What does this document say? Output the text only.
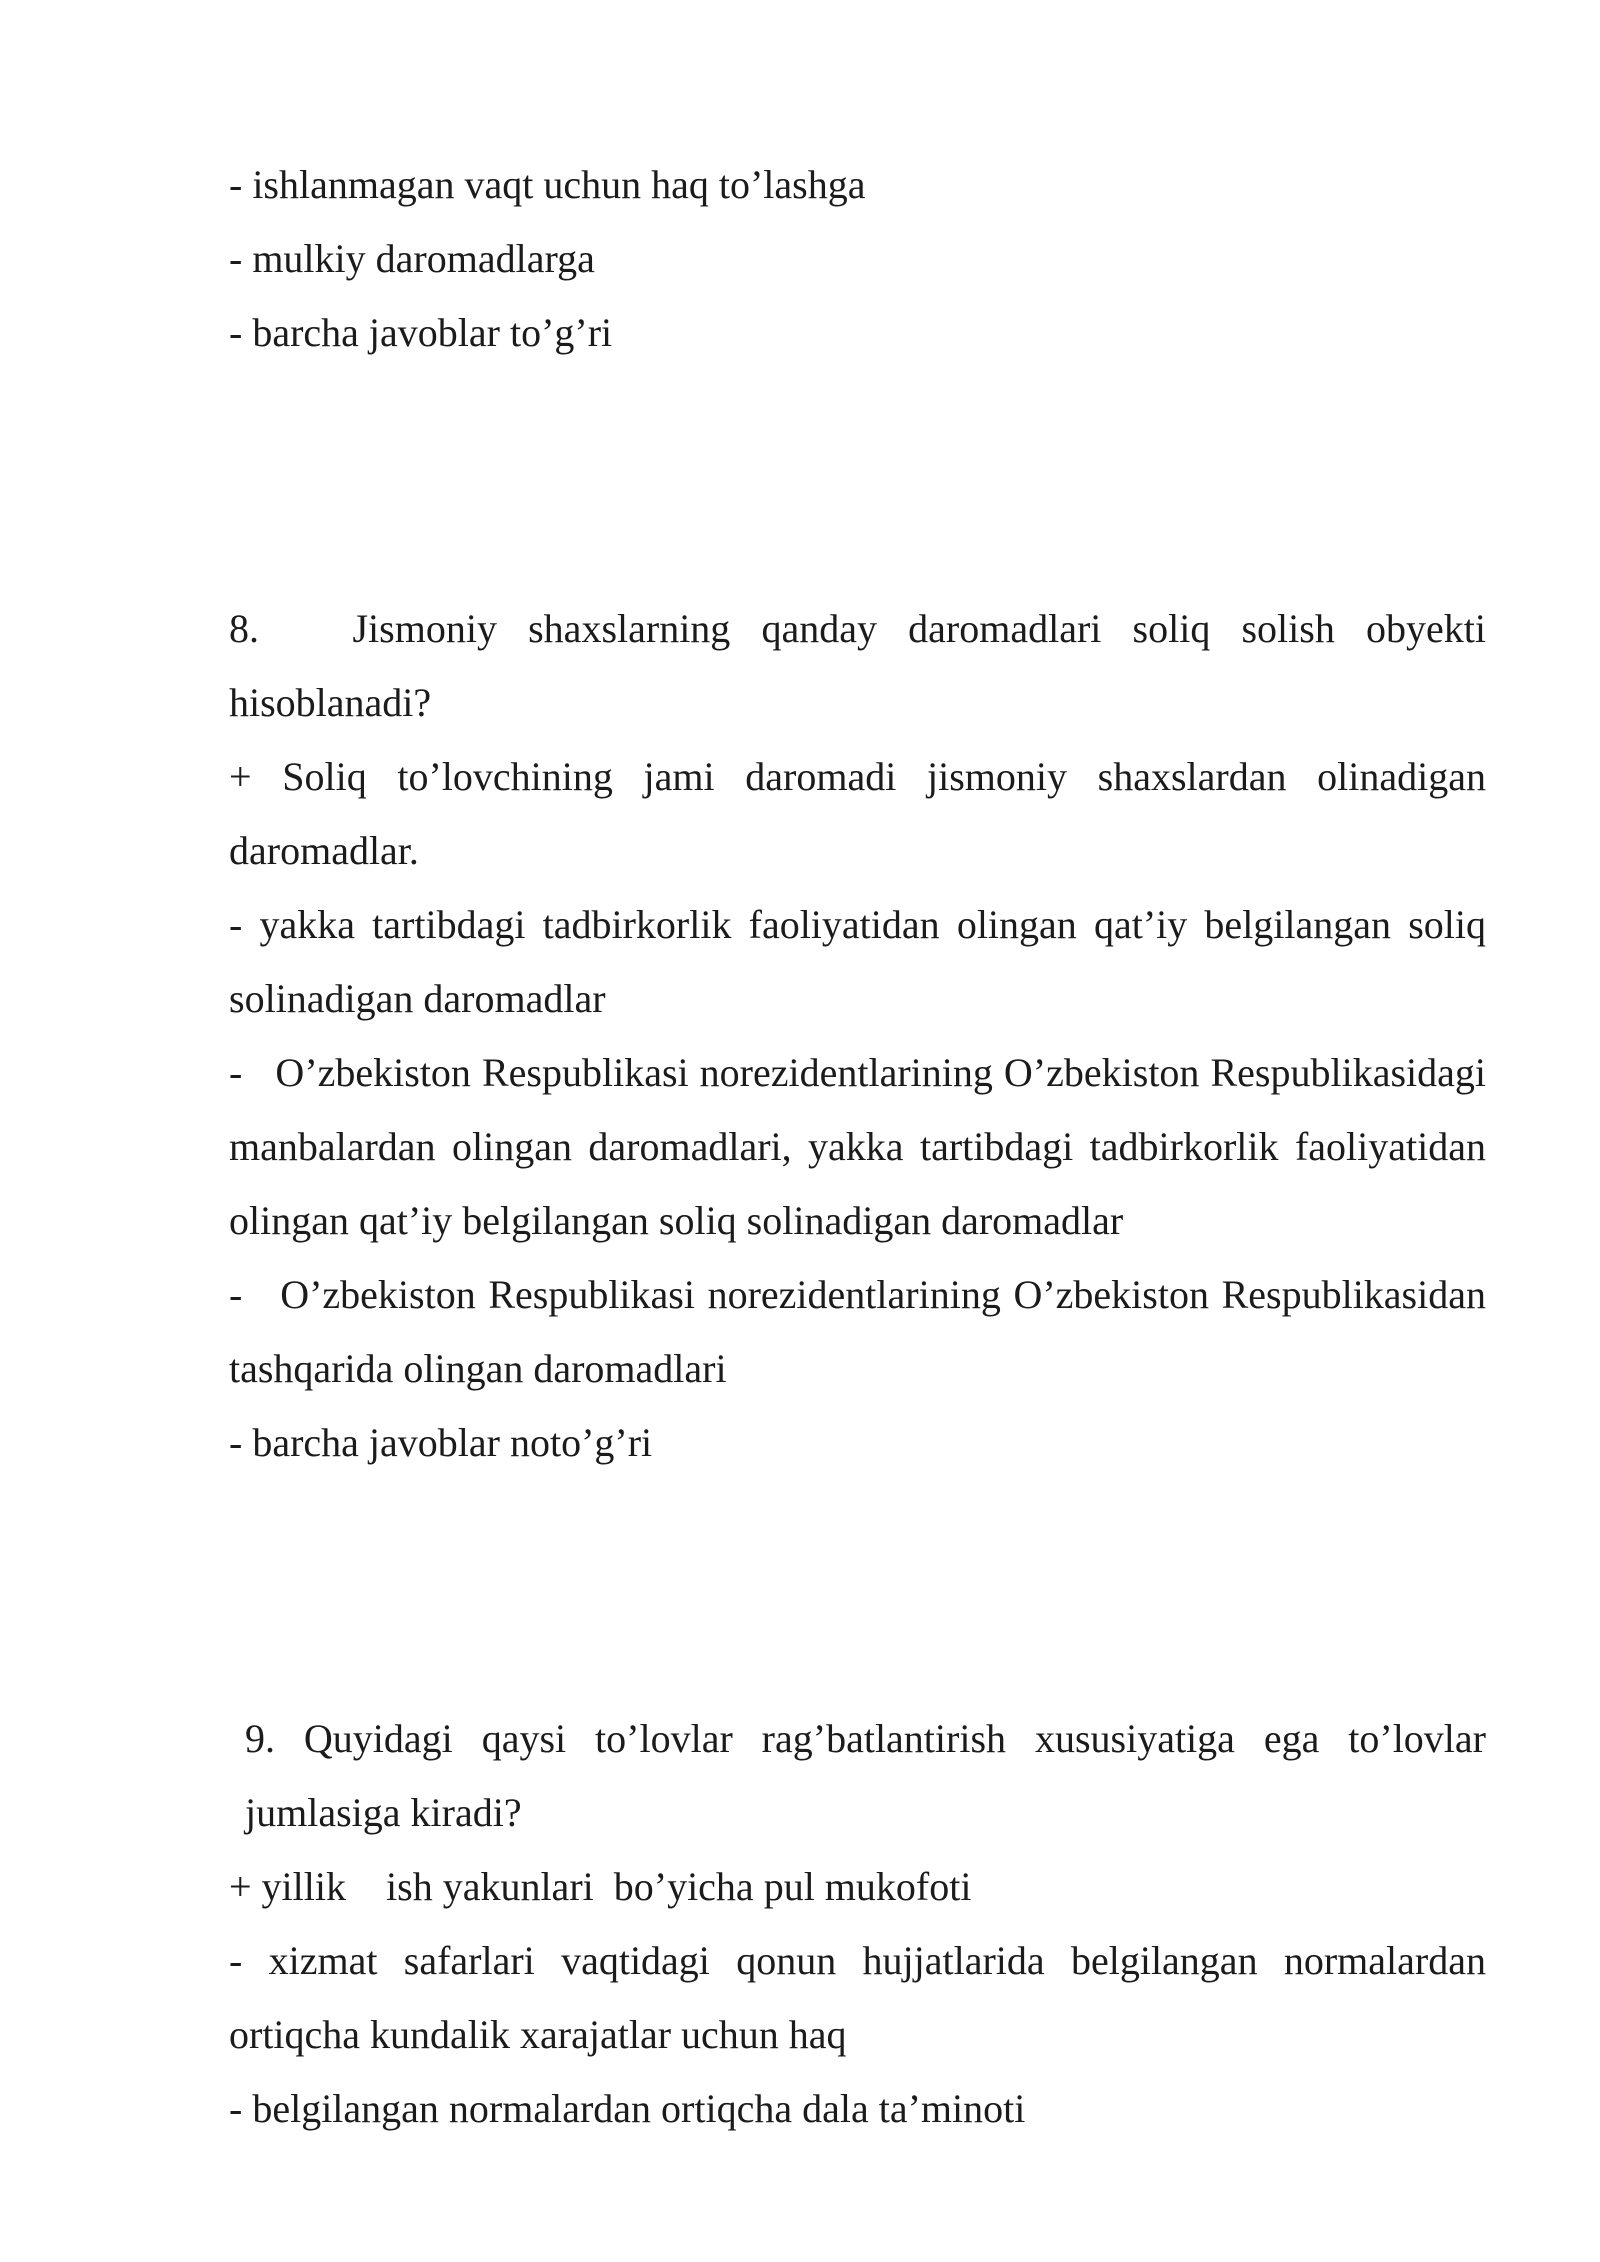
- ishlanmagan vaqt uchun haq to’lashga

- mulkiy daromadlarga

- barcha javoblar to’g’ri

8.   Jismoniy shaxslarning qanday daromadlari soliq solish obyekti hisoblanadi?

+ Soliq to’lovchining jami daromadi jismoniy shaxslardan olinadigan daromadlar.

- yakka tartibdagi tadbirkorlik faoliyatidan olingan qat’iy belgilangan soliq solinadigan daromadlar

-   O’zbekiston Respublikasi norezidentlarining O’zbekiston Respublikasidagi manbalardan olingan daromadlari, yakka tartibdagi tadbirkorlik faoliyatidan olingan qat’iy belgilangan soliq solinadigan daromadlar

-   O’zbekiston Respublikasi norezidentlarining O’zbekiston Respublikasidan tashqarida olingan daromadlari

- barcha javoblar noto’g’ri

9. Quyidagi qaysi to’lovlar rag’batlantirish xususiyatiga ega to’lovlar jumlasiga kiradi?

+ yillik    ish yakunlari  bo’yicha pul mukofoti

- xizmat safarlari vaqtidagi qonun hujjatlarida belgilangan normalardan ortiqcha kundalik xarajatlar uchun haq

- belgilangan normalardan ortiqcha dala ta’minoti
